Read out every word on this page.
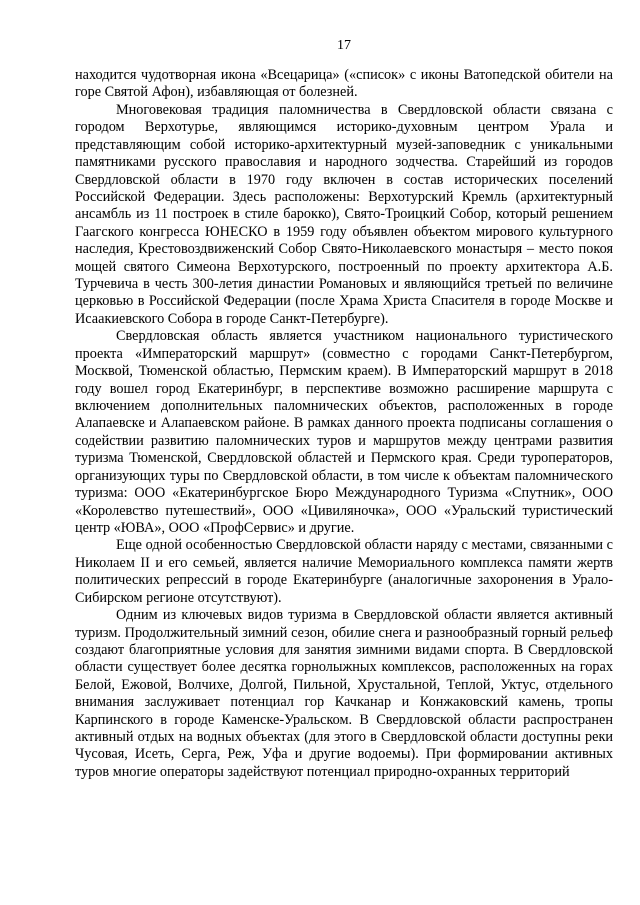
17

находится чудотворная икона «Всецарица» («список» с иконы Ватопедской обители на горе Святой Афон), избавляющая от болезней.

Многовековая традиция паломничества в Свердловской области связана с городом Верхотурье, являющимся историко-духовным центром Урала и представляющим собой историко-архитектурный музей-заповедник с уникальными памятниками русского православия и народного зодчества. Старейший из городов Свердловской области в 1970 году включен в состав исторических поселений Российской Федерации. Здесь расположены: Верхотурский Кремль (архитектурный ансамбль из 11 построек в стиле барокко), Свято-Троицкий Собор, который решением Гаагского конгресса ЮНЕСКО в 1959 году объявлен объектом мирового культурного наследия, Крестовоздвиженский Собор Свято-Николаевского монастыря – место покоя мощей святого Симеона Верхотурского, построенный по проекту архитектора А.Б. Турчевича в честь 300-летия династии Романовых и являющийся третьей по величине церковью в Российской Федерации (после Храма Христа Спасителя в городе Москве и Исаакиевского Собора в городе Санкт-Петербурге).

Свердловская область является участником национального туристического проекта «Императорский маршрут» (совместно с городами Санкт-Петербургом, Москвой, Тюменской областью, Пермским краем). В Императорский маршрут в 2018 году вошел город Екатеринбург, в перспективе возможно расширение маршрута с включением дополнительных паломнических объектов, расположенных в городе Алапаевске и Алапаевском районе. В рамках данного проекта подписаны соглашения о содействии развитию паломнических туров и маршрутов между центрами развития туризма Тюменской, Свердловской областей и Пермского края. Среди туроператоров, организующих туры по Свердловской области, в том числе к объектам паломнического туризма: ООО «Екатеринбургское Бюро Международного Туризма «Спутник», ООО «Королевство путешествий», ООО «Цивиляночка», ООО «Уральский туристический центр «ЮВА», ООО «ПрофСервис» и другие.

Еще одной особенностью Свердловской области наряду с местами, связанными с Николаем II и его семьей, является наличие Мемориального комплекса памяти жертв политических репрессий в городе Екатеринбурге (аналогичные захоронения в Урало-Сибирском регионе отсутствуют).

Одним из ключевых видов туризма в Свердловской области является активный туризм. Продолжительный зимний сезон, обилие снега и разнообразный горный рельеф создают благоприятные условия для занятия зимними видами спорта. В Свердловской области существует более десятка горнолыжных комплексов, расположенных на горах Белой, Ежовой, Волчихе, Долгой, Пильной, Хрустальной, Теплой, Уктус, отдельного внимания заслуживает потенциал гор Качканар и Конжаковский камень, тропы Карпинского в городе Каменске-Уральском. В Свердловской области распространен активный отдых на водных объектах (для этого в Свердловской области доступны реки Чусовая, Исеть, Серга, Реж, Уфа и другие водоемы). При формировании активных туров многие операторы задействуют потенциал природно-охранных территорий
